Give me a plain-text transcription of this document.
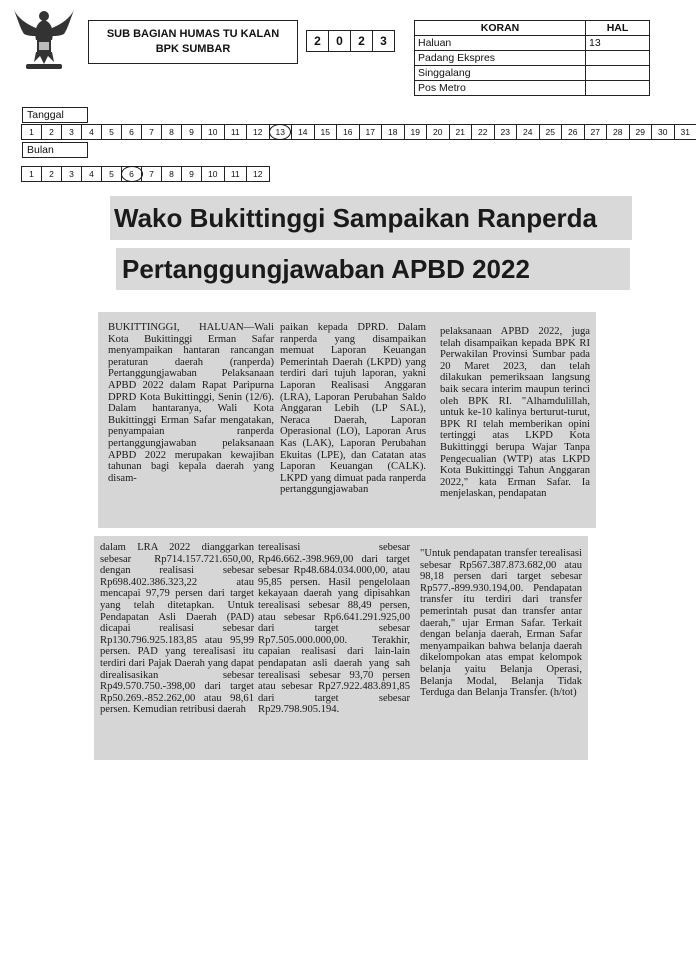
SUB BAGIAN HUMAS TU KALAN
BPK SUMBAR
2	0	2	3
KORAN	HAL
Haluan	13
Padang Ekspres	
Singgalang	
Pos Metro	
Tanggal
1	2	3	4	5	6	7	8	9	10	11	12	13	14	15	16	17	18	19	20	21	22	23	24	25	26	27	28	29	30	31
Bulan
1	2	3	4	5	6	7	8	9	10	11	12
Wako Bukittinggi Sampaikan Ranperda
Pertanggungjawaban APBD 2022
BUKITTINGGI, HALUAN—Wali Kota Bukittinggi Erman Safar menyampaikan hantaran rancangan peraturan daerah (ranperda) Pertanggungjawaban Pelaksanaan APBD 2022 dalam Rapat Paripurna DPRD Kota Bukittinggi, Senin (12/6). Dalam hantaranya, Wali Kota Bukittinggi Erman Safar mengatakan, penyampaian ranperda pertanggungjawaban pelaksanaan APBD 2022 merupakan kewajiban tahunan bagi kepala daerah yang disam-
paikan kepada DPRD. Dalam ranperda yang disampaikan memuat Laporan Keuangan Pemerintah Daerah (LKPD) yang terdiri dari tujuh laporan, yakni Laporan Realisasi Anggaran (LRA), Laporan Perubahan Saldo Anggaran Lebih (LP SAL), Neraca Daerah, Laporan Operasional (LO), Laporan Arus Kas (LAK), Laporan Perubahan Ekuitas (LPE), dan Catatan atas Laporan Keuangan (CALK). LKPD yang dimuat pada ranperda pertanggungjawaban
pelaksanaan APBD 2022, juga telah disampaikan kepada BPK RI Perwakilan Provinsi Sumbar pada 20 Maret 2023, dan telah dilakukan pemeriksaan langsung baik secara interim maupun terinci oleh BPK RI. "Alhamdulillah, untuk ke-10 kalinya berturut-turut, BPK RI telah memberikan opini tertinggi atas LKPD Kota Bukittinggi berupa Wajar Tanpa Pengecualian (WTP) atas LKPD Kota Bukittinggi Tahun Anggaran 2022," kata Erman Safar. Ia menjelaskan, pendapatan
dalam LRA 2022 dianggarkan sebesar Rp714.157.721.650,00, dengan realisasi sebesar Rp698.402.386.323,22 atau mencapai 97,79 persen dari target yang telah ditetapkan. Untuk Pendapatan Asli Daerah (PAD) dicapai realisasi sebesar Rp130.796.925.183,85 atau 95,99 persen. PAD yang terealisasi itu terdiri dari Pajak Daerah yang dapat direalisasikan sebesar Rp49.570.750.-398,00 dari target Rp50.269.-852.262,00 atau 98,61 persen. Kemudian retribusi daerah
terealisasi sebesar Rp46.662.-398.969,00 dari target sebesar Rp48.684.034.000,00, atau 95,85 persen. Hasil pengelolaan kekayaan daerah yang dipisahkan terealisasi sebesar 88,49 persen, atau sebesar Rp6.641.291.925,00 dari target sebesar Rp7.505.000.000,00. Terakhir, capaian realisasi dari lain-lain pendapatan asli daerah yang sah terealisasi sebesar 93,70 persen atau sebesar Rp27.922.483.891,85 dari target sebesar Rp29.798.905.194.
"Untuk pendapatan transfer terealisasi sebesar Rp567.387.873.682,00 atau 98,18 persen dari target sebesar Rp577.-899.930.194,00. Pendapatan transfer itu terdiri dari transfer pemerintah pusat dan transfer antar daerah," ujar Erman Safar. Terkait dengan belanja daerah, Erman Safar menyampaikan bahwa belanja daerah dikelompokan atas empat kelompok belanja yaitu Belanja Operasi, Belanja Modal, Belanja Tidak Terduga dan Belanja Transfer. (h/tot)
